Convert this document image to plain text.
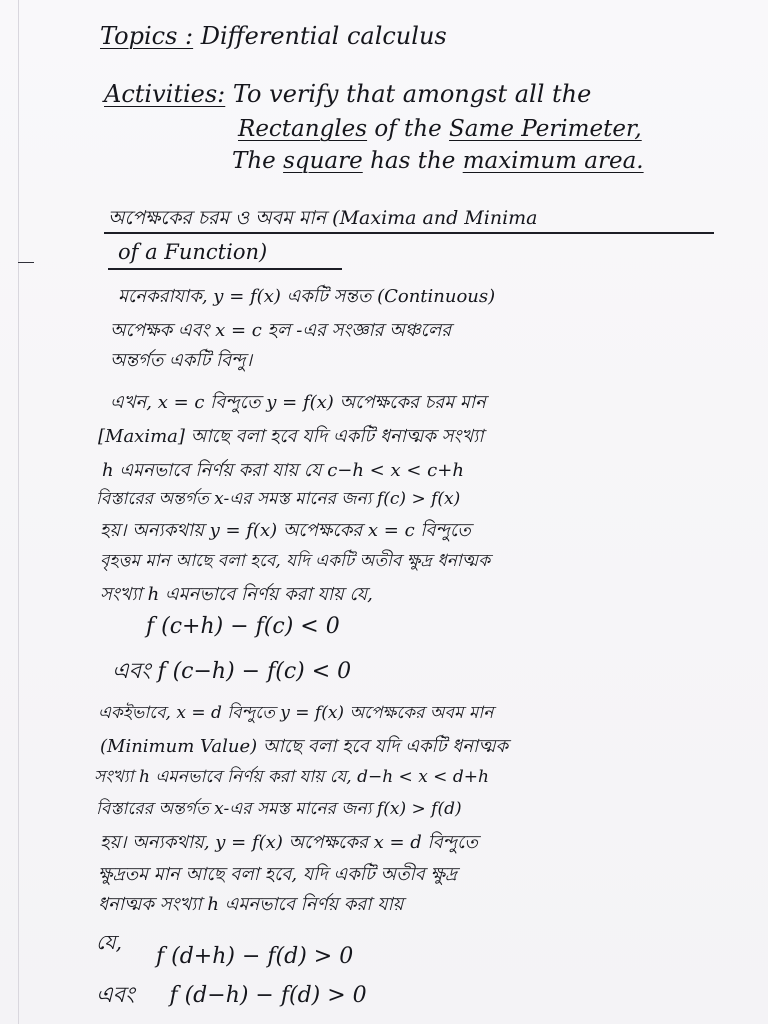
Topics : Differential calculus
Activities: To verify that amongst all the
Rectangles of the Same Perimeter,
The square has the maximum area.
অপেক্ষকের চরম ও অবম মান (Maxima and Minima
of a Function)
মনেকরাযাক, y = f(x) একটি সন্তত (Continuous)
অপেক্ষক এবং x = c হল -এর সংজ্ঞার অঞ্চলের
অন্তর্গত একটি বিন্দু।
এখন, x = c বিন্দুতে y = f(x) অপেক্ষকের চরম মান
[Maxima] আছে বলা হবে যদি একটি ধনাত্মক সংখ্যা
h এমনভাবে নির্ণয় করা যায় যে c−h < x < c+h
বিস্তারের অন্তর্গত x-এর সমস্ত মানের জন্য f(c) > f(x)
হয়। অন্যকথায় y = f(x) অপেক্ষকের x = c বিন্দুতে
বৃহত্তম মান আছে বলা হবে, যদি একটি অতীব ক্ষুদ্র ধনাত্মক
সংখ্যা h এমনভাবে নির্ণয় করা যায় যে,
f (c+h) − f(c) < 0
এবং f (c−h) − f(c) < 0
একইভাবে, x = d বিন্দুতে y = f(x) অপেক্ষকের অবম মান
(Minimum Value) আছে বলা হবে যদি একটি ধনাত্মক
সংখ্যা h এমনভাবে নির্ণয় করা যায় যে, d−h < x < d+h
বিস্তারের অন্তর্গত x-এর সমস্ত মানের জন্য f(x) > f(d)
হয়। অন্যকথায়, y = f(x) অপেক্ষকের x = d বিন্দুতে
ক্ষুদ্রতম মান আছে বলা হবে, যদি একটি অতীব ক্ষুদ্র
ধনাত্মক সংখ্যা h এমনভাবে নির্ণয় করা যায়
যে,
f (d+h) − f(d) > 0
এবং f (d−h) − f(d) > 0
